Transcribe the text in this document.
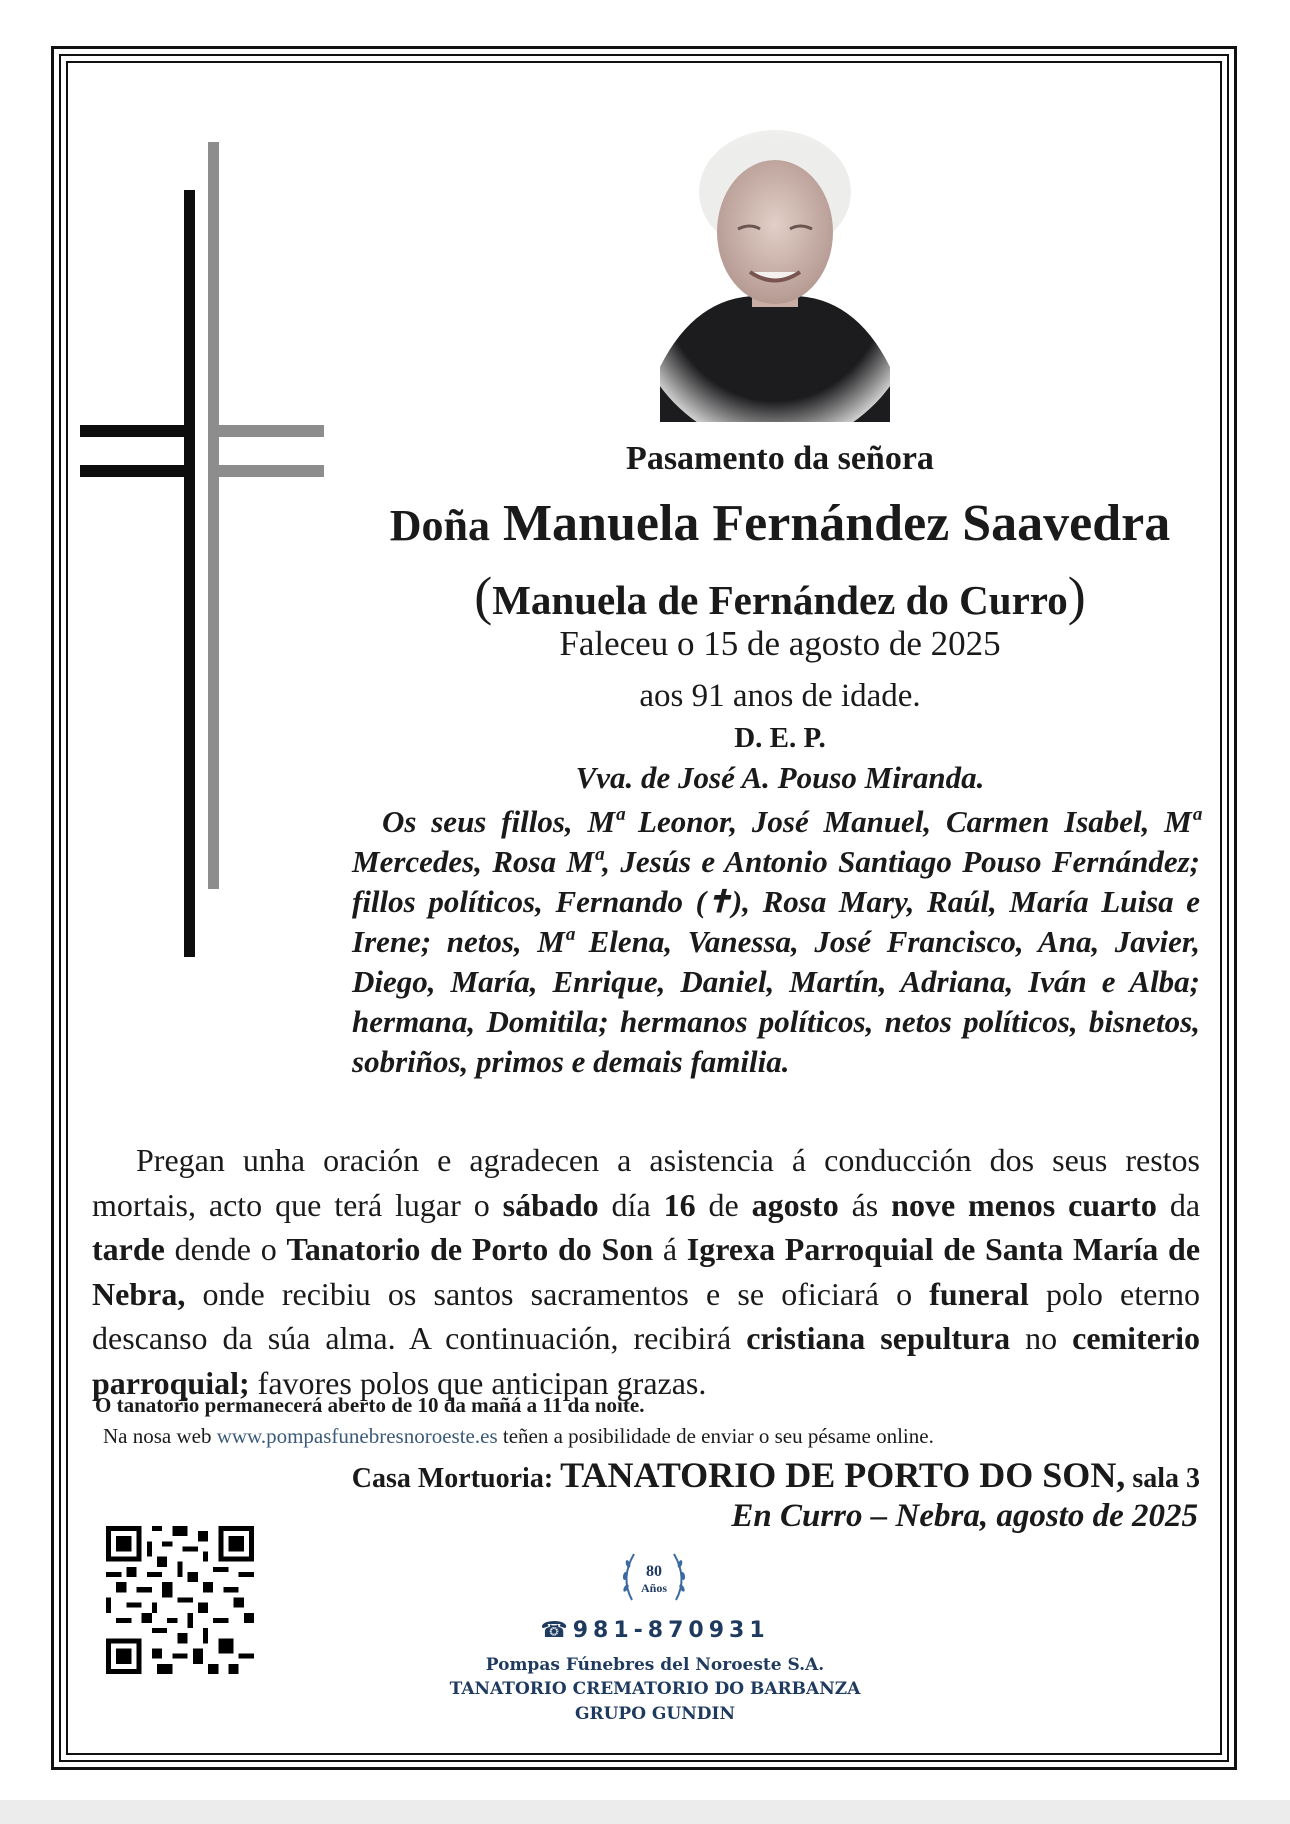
Pasamento da señora
Doña Manuela Fernández Saavedra
(Manuela de Fernández do Curro)
Faleceu o 15 de agosto de 2025
aos 91 anos de idade.
D. E. P.
Vva. de José A. Pouso Miranda.
Os seus fillos, Mª Leonor, José Manuel, Carmen Isabel, Mª Mercedes, Rosa Mª, Jesús e Antonio Santiago Pouso Fernández; fillos políticos, Fernando (✝), Rosa Mary, Raúl, María Luisa e Irene; netos, Mª Elena, Vanessa, José Francisco, Ana, Javier, Diego, María, Enrique, Daniel, Martín, Adriana, Iván e Alba; hermana, Domitila; hermanos políticos, netos políticos, bisnetos, sobriños, primos e demais familia.
Pregan unha oración e agradecen a asistencia á conducción dos seus restos mortais, acto que terá lugar o sábado día 16 de agosto ás nove menos cuarto da tarde dende o Tanatorio de Porto do Son á Igrexa Parroquial de Santa María de Nebra, onde recibiu os santos sacramentos e se oficiará o funeral polo eterno descanso da súa alma. A continuación, recibirá cristiana sepultura no cemiterio parroquial; favores polos que anticipan grazas.
O tanatorio permanecerá aberto de 10 da mañá a 11 da noite.
Na nosa web www.pompasfunebresnoroeste.es teñen a posibilidade de enviar o seu pésame online.
Casa Mortuoria: TANATORIO DE PORTO DO SON, sala 3
En Curro – Nebra, agosto de 2025
80
Años
☎981-870931
Pompas Fúnebres del Noroeste S.A.
TANATORIO CREMATORIO DO BARBANZA
GRUPO GUNDIN
